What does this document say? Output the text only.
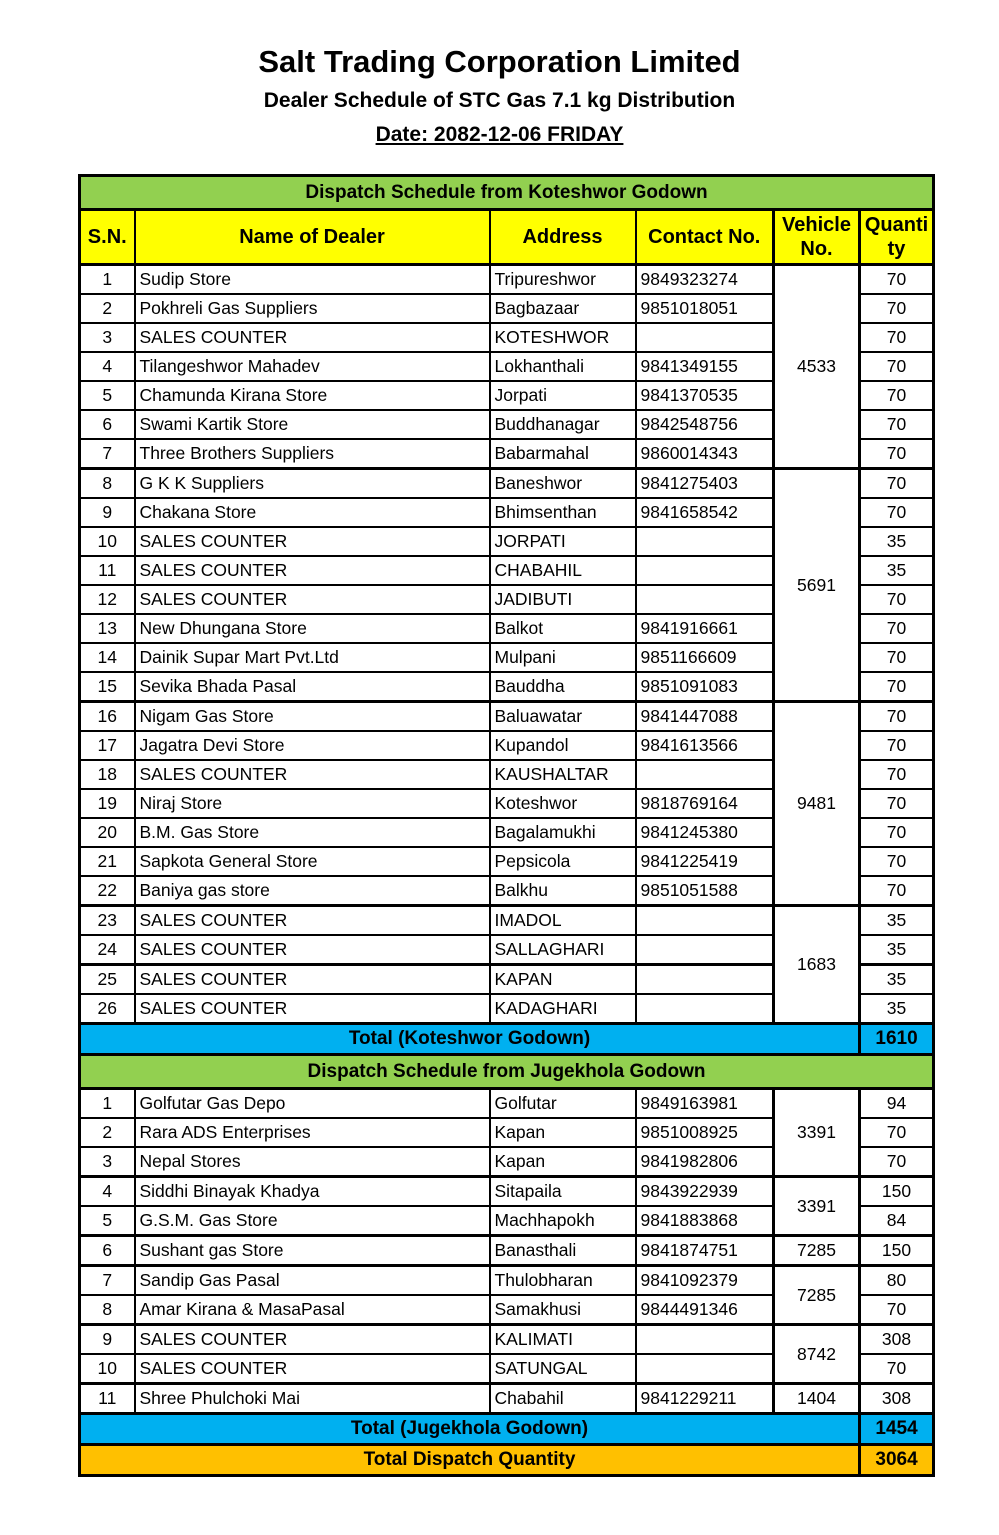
Salt Trading Corporation Limited
Dealer Schedule of STC Gas 7.1 kg Distribution
Date: 2082-12-06 FRIDAY
Dispatch Schedule from Koteshwor Godown					
S.N.	Name of Dealer	Address	Contact No.	Vehicle No.	Quantity
1	Sudip Store	Tripureshwor	9849323274	4533	70
2	Pokhreli Gas Suppliers	Bagbazaar	9851018051		70
3	SALES COUNTER	KOTESHWOR			70
4	Tilangeshwor Mahadev	Lokhanthali	9841349155		70
5	Chamunda Kirana Store	Jorpati	9841370535		70
6	Swami Kartik Store	Buddhanagar	9842548756		70
7	Three Brothers Suppliers	Babarmahal	9860014343		70
8	G K K Suppliers	Baneshwor	9841275403	5691	70
9	Chakana Store	Bhimsenthan	9841658542		70
10	SALES COUNTER	JORPATI			35
11	SALES COUNTER	CHABAHIL			35
12	SALES COUNTER	JADIBUTI			70
13	New Dhungana Store	Balkot	9841916661		70
14	Dainik Supar Mart Pvt.Ltd	Mulpani	9851166609		70
15	Sevika Bhada Pasal	Bauddha	9851091083		70
16	Nigam Gas Store	Baluawatar	9841447088	9481	70
17	Jagatra Devi Store	Kupandol	9841613566		70
18	SALES COUNTER	KAUSHALTAR			70
19	Niraj Store	Koteshwor	9818769164		70
20	B.M. Gas Store	Bagalamukhi	9841245380		70
21	Sapkota General Store	Pepsicola	9841225419		70
22	Baniya gas store	Balkhu	9851051588		70
23	SALES COUNTER	IMADOL		1683	35
24	SALES COUNTER	SALLAGHARI			35
25	SALES COUNTER	KAPAN			35
26	SALES COUNTER	KADAGHARI			35
Total (Koteshwor Godown)					1610
Dispatch Schedule from Jugekhola Godown					
1	Golfutar Gas Depo	Golfutar	9849163981	3391	94
2	Rara ADS Enterprises	Kapan	9851008925		70
3	Nepal Stores	Kapan	9841982806		70
4	Siddhi Binayak Khadya	Sitapaila	9843922939	3391	150
5	G.S.M. Gas Store	Machhapokh	9841883868		84
6	Sushant gas Store	Banasthali	9841874751	7285	150
7	Sandip Gas Pasal	Thulobharan	9841092379	7285	80
8	Amar Kirana & MasaPasal	Samakhusi	9844491346		70
9	SALES COUNTER	KALIMATI		8742	308
10	SALES COUNTER	SATUNGAL			70
11	Shree Phulchoki Mai	Chabahil	9841229211	1404	308
Total (Jugekhola Godown)					1454
Total Dispatch Quantity					3064
